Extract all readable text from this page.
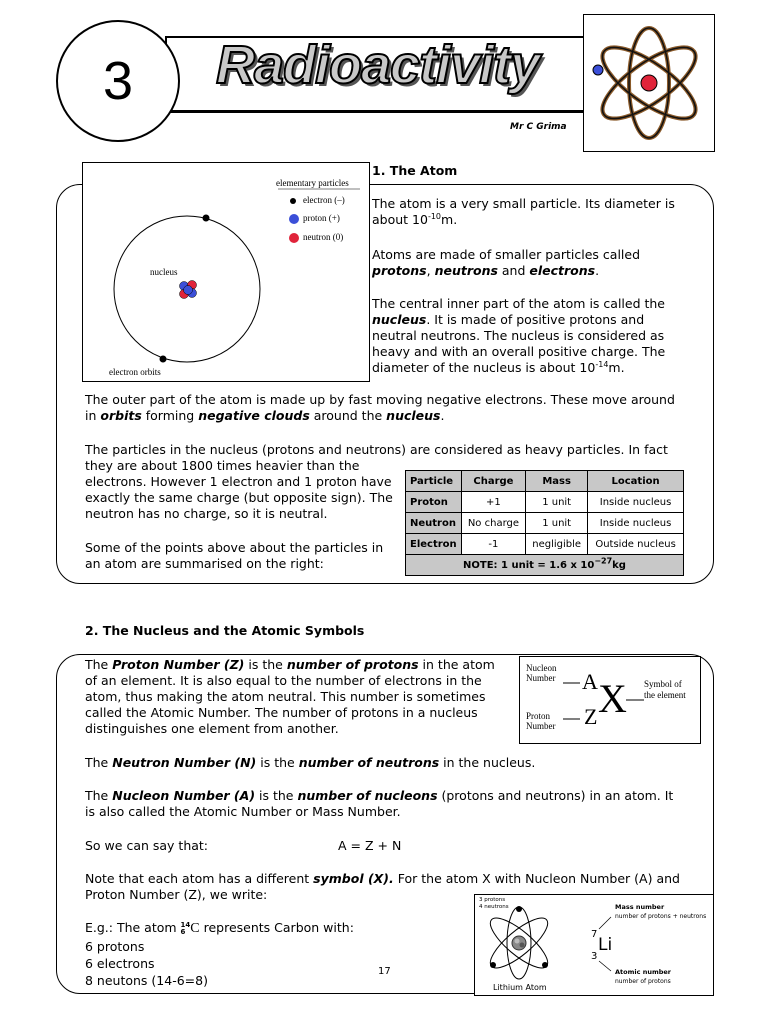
Radioactivity
3
Mr C Grima
elementary particles
electron (–)
proton (+)
neutron (0)
nucleus
electron orbits
1. The Atom
The atom is a very small particle. Its diameter is about $10^{-10}m$.
Atoms are made of smaller particles called protons, neutrons and electrons.
The central inner part of the atom is called the nucleus. It is made of positive protons and neutral neutrons. The nucleus is considered as heavy and with an overall positive charge. The diameter of the nucleus is about $10^{-14}m$.
The outer part of the atom is made up by fast moving negative electrons. These move around in orbits forming negative clouds around the nucleus.
The particles in the nucleus (protons and neutrons) are considered as heavy particles. In fact
they are about 1800 times heavier than the electrons. However 1 electron and 1 proton have exactly the same charge (but opposite sign). The neutron has no charge, so it is neutral.
Some of the points above about the particles in an atom are summarised on the right:
Particle	Charge	Mass	Location
Proton	+1	1 unit	Inside nucleus
Neutron	No charge	1 unit	Inside nucleus
Electron	-1	negligible	Outside nucleus
NOTE: 1 unit = 1.6 x $10^{-27}kg$			
2. The Nucleus and the Atomic Symbols
The Proton Number (Z) is the number of protons in the atom of an element. It is also equal to the number of electrons in the atom, thus making the atom neutral. This number is sometimes called the Atomic Number. The number of protons in a nucleus distinguishes one element from another.
Nucleon
Number
Proton
Number
A
Z X Symbol of
the element
The Neutron Number (N) is the number of neutrons in the nucleus.
The Nucleon Number (A) is the number of nucleons (protons and neutrons) in an atom. It is also called the Atomic Number or Mass Number.
So we can say that:	A = Z + N
Note that each atom has a different symbol (X). For the atom X with Nucleon Number (A) and Proton Number (Z), we write:
E.g.: The atom 14
6 C represents Carbon with:
6 protons
6 electrons
8 neutons (14-6=8)
3 protons
4 neutrons
Lithium Atom
Mass number
number of protons + neutrons
7
Li
3
Atomic number
number of protons
17
